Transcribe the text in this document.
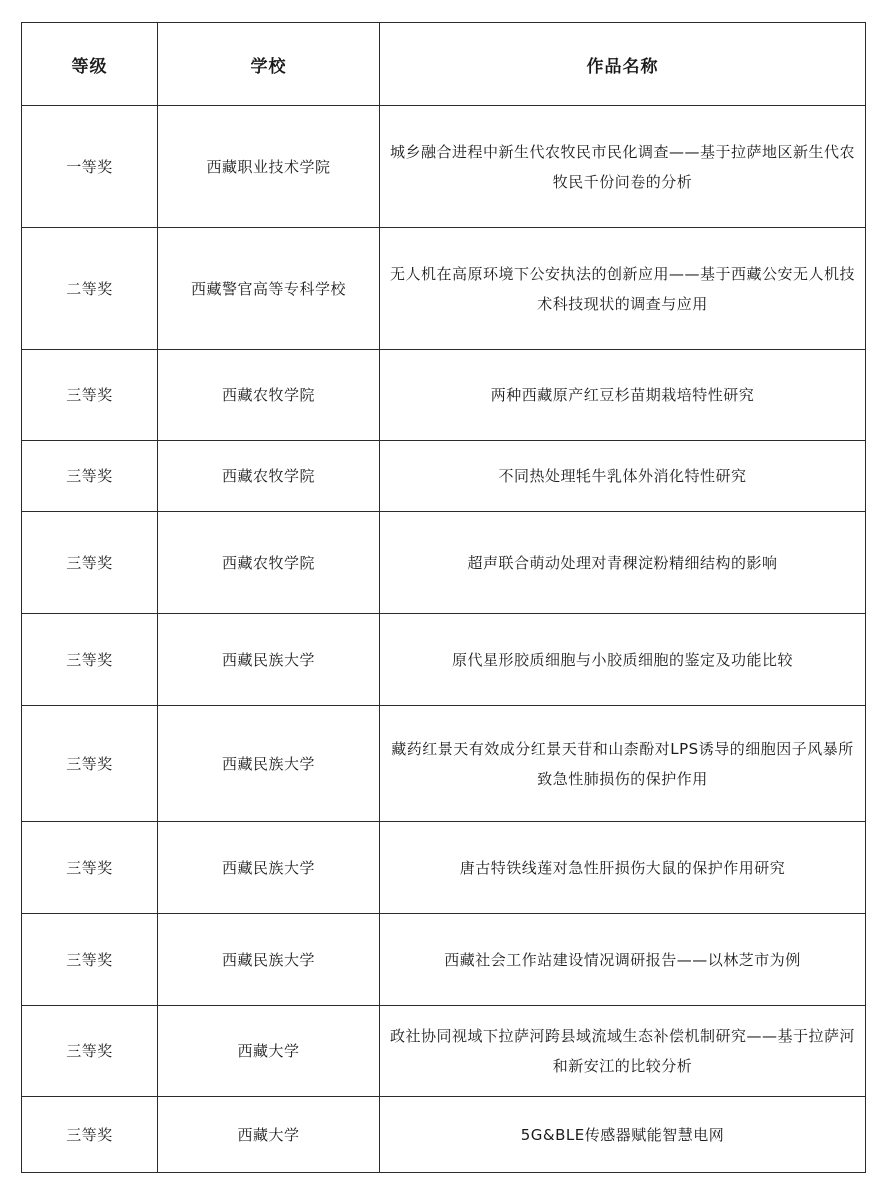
等级	学校	作品名称
一等奖	西藏职业技术学院	城乡融合进程中新生代农牧民市民化调查——基于拉萨地区新生代农牧民千份问卷的分析
二等奖	西藏警官高等专科学校	无人机在高原环境下公安执法的创新应用——基于西藏公安无人机技术科技现状的调查与应用
三等奖	西藏农牧学院	两种西藏原产红豆杉苗期栽培特性研究
三等奖	西藏农牧学院	不同热处理牦牛乳体外消化特性研究
三等奖	西藏农牧学院	超声联合萌动处理对青稞淀粉精细结构的影响
三等奖	西藏民族大学	原代星形胶质细胞与小胶质细胞的鉴定及功能比较
三等奖	西藏民族大学	藏药红景天有效成分红景天苷和山柰酚对LPS诱导的细胞因子风暴所致急性肺损伤的保护作用
三等奖	西藏民族大学	唐古特铁线莲对急性肝损伤大鼠的保护作用研究
三等奖	西藏民族大学	西藏社会工作站建设情况调研报告——以林芝市为例
三等奖	西藏大学	政社协同视域下拉萨河跨县域流域生态补偿机制研究——基于拉萨河和新安江的比较分析
三等奖	西藏大学	5G&BLE传感器赋能智慧电网
